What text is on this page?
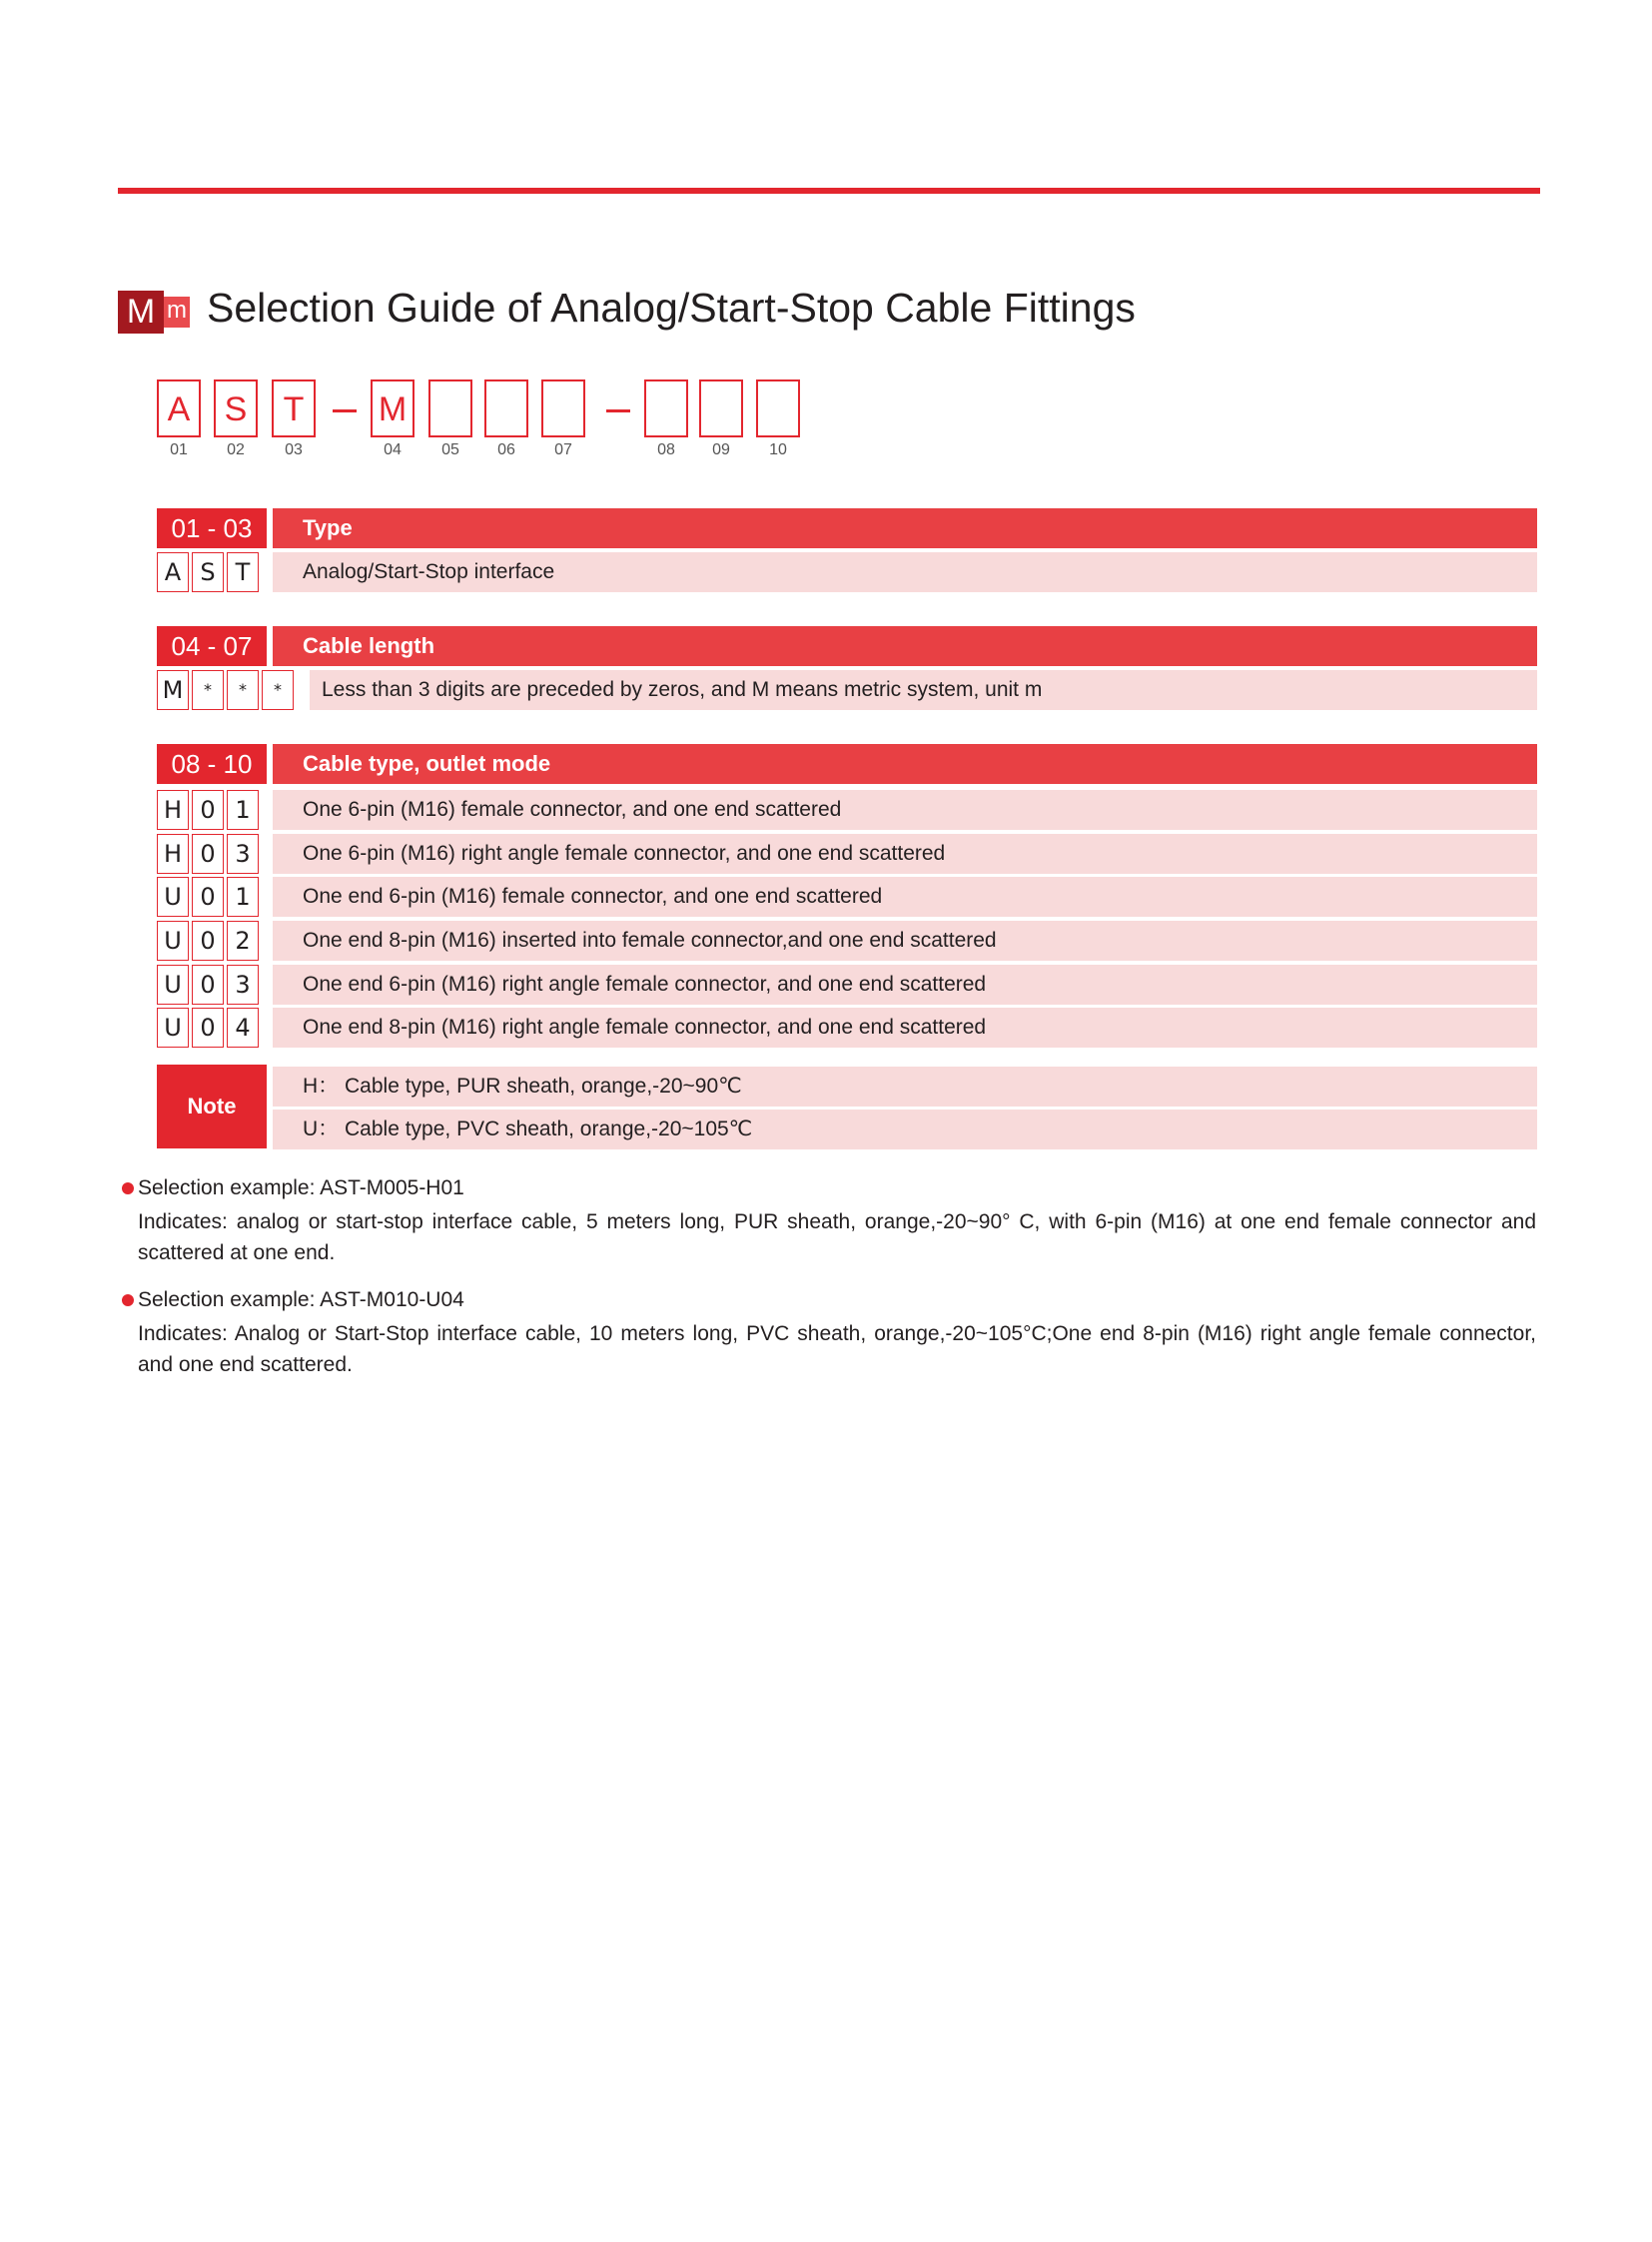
M m Selection Guide of Analog/Start-Stop Cable Fittings
A	S	T	M
01	02	03	04	05	06	07	08	09	10
01 - 03	Type
A S T	Analog/Start-Stop interface
04 - 07	Cable length
M	*	*	*	Less than 3 digits are preceded by zeros, and M means metric system, unit m
08 - 10	Cable type, outlet mode
H 0 1	One 6-pin (M16) female connector, and one end scattered
H 0 3	One 6-pin (M16) right angle female connector, and one end scattered
U 0 1	One end 6-pin (M16) female connector, and one end scattered
U 0 2	One end 8-pin (M16) inserted into female connector,and one end scattered
U 0 3	One end 6-pin (M16) right angle female connector, and one end scattered
U 0 4	One end 8-pin (M16) right angle female connector, and one end scattered
Note
H： Cable type, PUR sheath, orange,-20~90℃
U： Cable type, PVC sheath, orange,-20~105℃
Selection example: AST-M005-H01
Indicates: analog or start-stop interface cable, 5 meters long, PUR sheath, orange,-20~90° C, with 6-pin (M16) at one end female connector and scattered at one end.
Selection example: AST-M010-U04
Indicates: Analog or Start-Stop interface cable, 10 meters long, PVC sheath, orange,-20~105°C;One end 8-pin (M16) right angle female connector, and one end scattered.
